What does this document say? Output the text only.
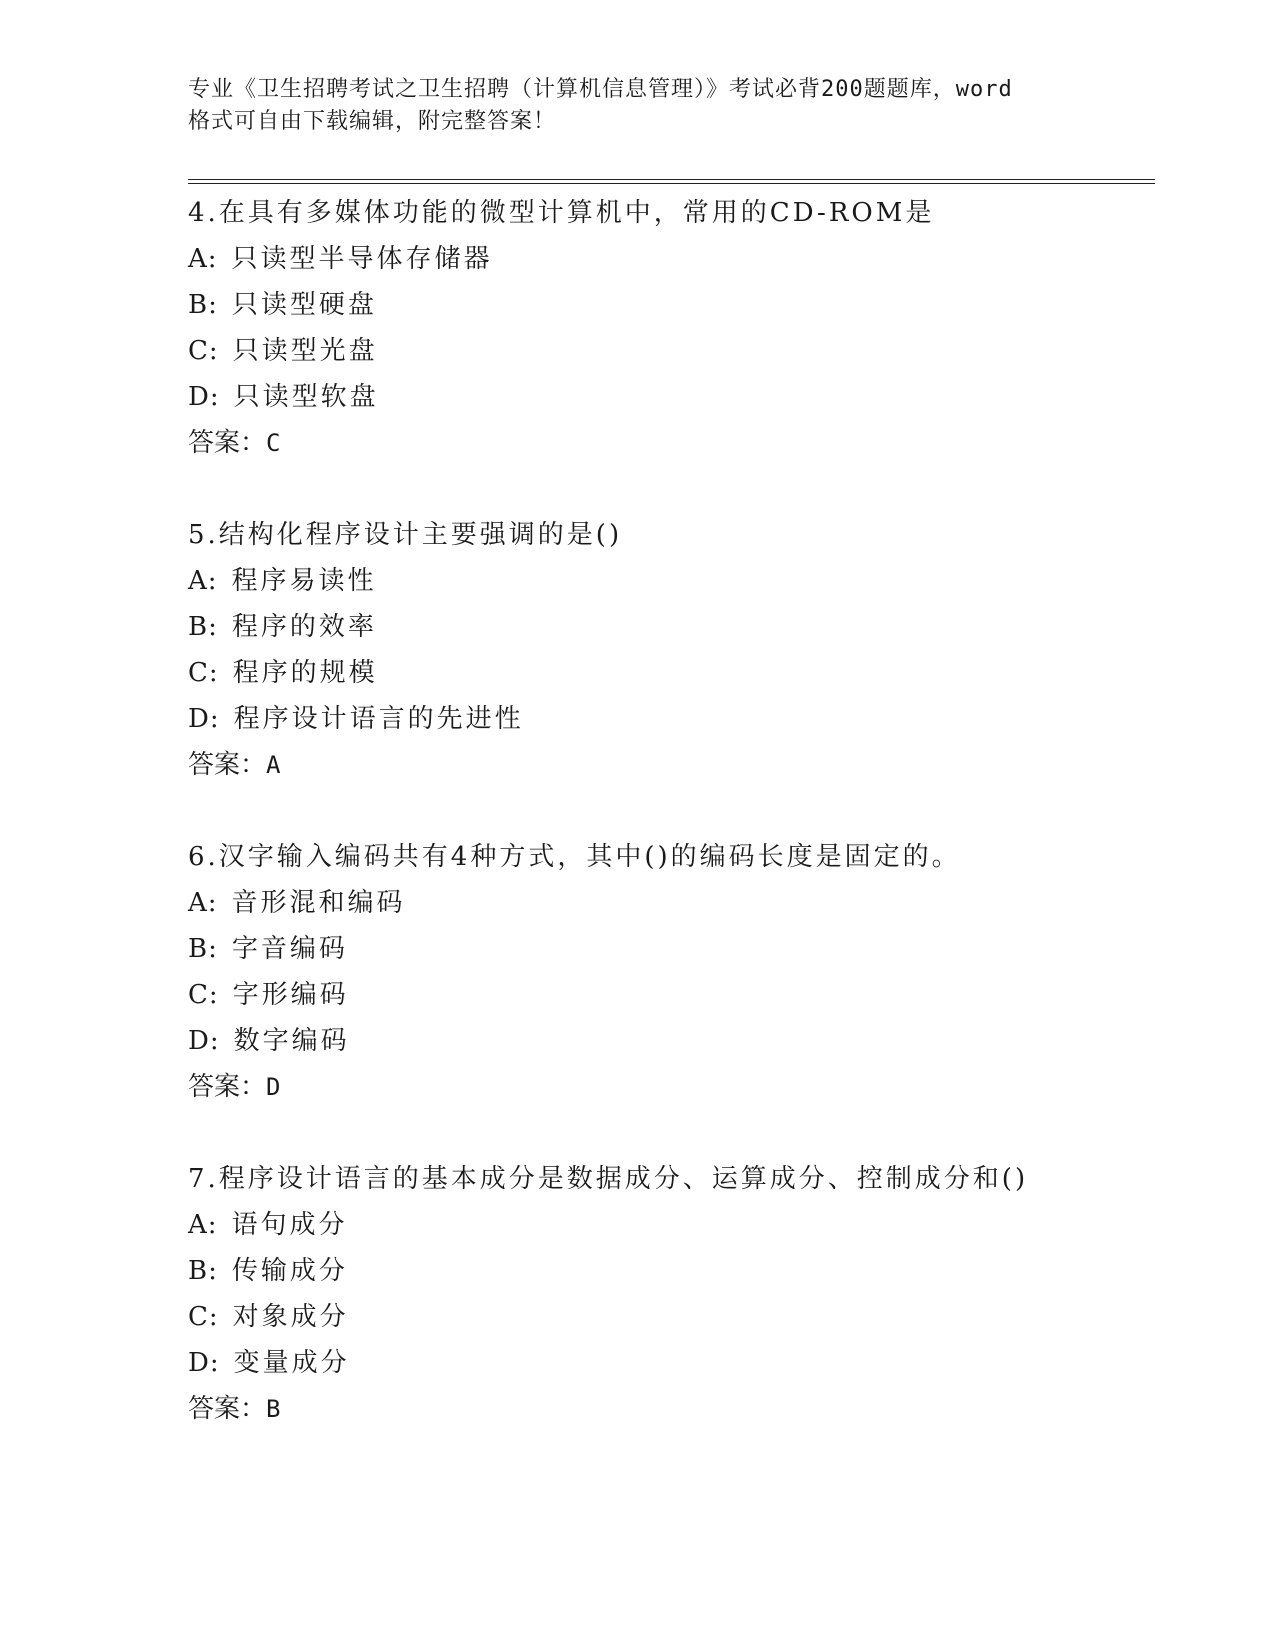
专业《卫生招聘考试之卫生招聘（计算机信息管理）》考试必背200题题库，word
格式可自由下载编辑，附完整答案！
4.在具有多媒体功能的微型计算机中，常用的CD-ROM是
A: 只读型半导体存储器
B: 只读型硬盘
C: 只读型光盘
D: 只读型软盘
答案：C
5.结构化程序设计主要强调的是()
A: 程序易读性
B: 程序的效率
C: 程序的规模
D: 程序设计语言的先进性
答案：A
6.汉字输入编码共有4种方式，其中()的编码长度是固定的。
A: 音形混和编码
B: 字音编码
C: 字形编码
D: 数字编码
答案：D
7.程序设计语言的基本成分是数据成分、运算成分、控制成分和()
A: 语句成分
B: 传输成分
C: 对象成分
D: 变量成分
答案：B
